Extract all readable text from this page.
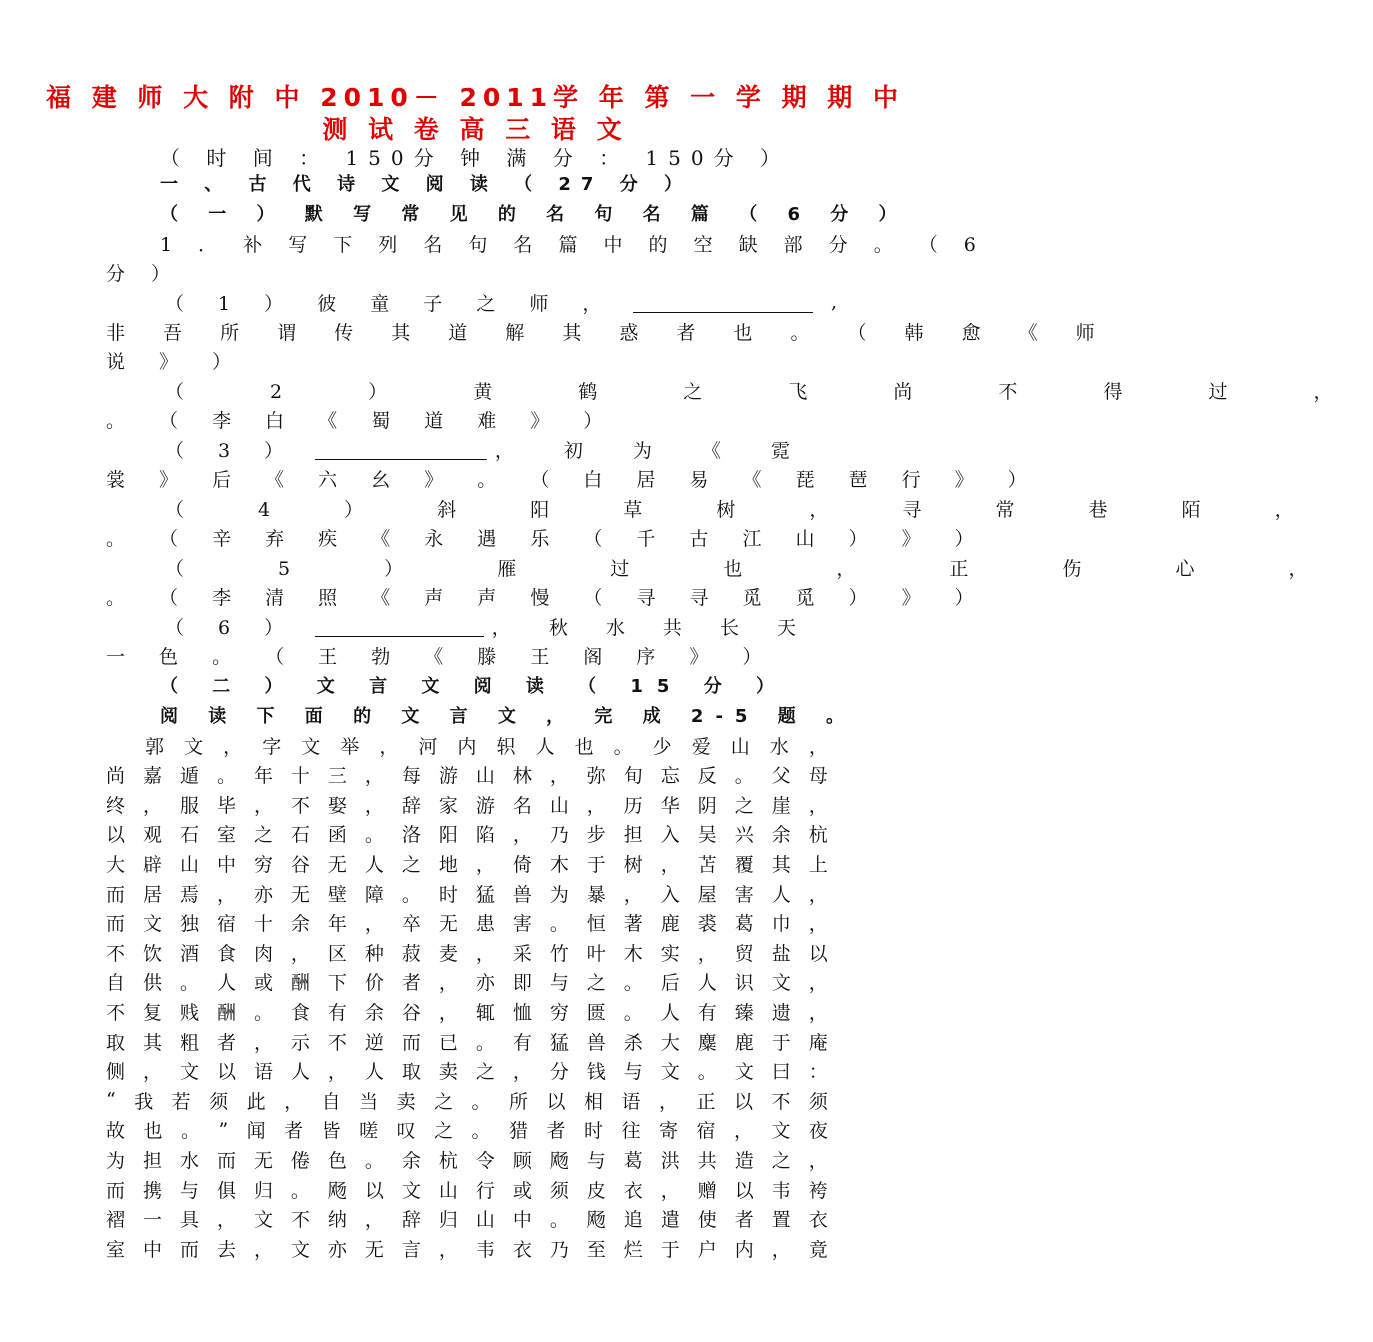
福 建 师 大 附 中 2010－ 2011学 年 第 一 学 期 期 中
测 试 卷 高 三 语 文
（ 时 间 ： 150分 钟 满 分 ： 150分 ）
一 、 古 代 诗 文 阅 读 （ 27 分 ）
（ 一 ） 默 写 常 见 的 名 句 名 篇 （ 6 分 ）
1 ． 补 写 下 列 名 句 名 篇 中 的 空 缺 部 分 。 （ 6
分 ）
（ 1 ） 彼 童 子 之 师 ，	,
非 吾 所 谓 传 其 道 解 其 惑 者 也 。 （ 韩 愈 《 师
说 》 ）
（ 2 ） 黄 鹤 之 飞 尚 不 得 过 ，
。 （ 李 白 《 蜀 道 难 》 ）
（ 3 ）	， 初 为 《 霓
裳 》 后 《 六 幺 》 。 （ 白 居 易 《 琵 琶 行 》 ）
（ 4 ） 斜 阳 草 树 ， 寻 常 巷 陌 ，
。 （ 辛 弃 疾 《 永 遇 乐 （ 千 古 江 山 ） 》 ）
（ 5 ） 雁 过 也 ， 正 伤 心 ，
。 （ 李 清 照 《 声 声 慢 （ 寻 寻 觅 觅 ） 》 ）
（ 6 ）	， 秋 水 共 长 天
一 色 。 （ 王 勃 《 滕 王 阁 序 》 ）
（ 二 ） 文 言 文 阅 读 （ 15 分 ）
阅 读 下 面 的 文 言 文 ， 完 成 2-5 题 。

郭 文 ， 字 文 举 ， 河 内 轵 人 也 。 少 爱 山 水 ，
尚 嘉 遁 。 年 十 三 ， 每 游 山 林 ， 弥 旬 忘 反 。 父 母
终 ， 服 毕 ， 不 娶 ， 辞 家 游 名 山 ， 历 华 阴 之 崖 ，
以 观 石 室 之 石 函 。 洛 阳 陷 ， 乃 步 担 入 吴 兴 余 杭
大 辟 山 中 穷 谷 无 人 之 地 ， 倚 木 于 树 ， 苫 覆 其 上
而 居 焉 ， 亦 无 壁 障 。 时 猛 兽 为 暴 ， 入 屋 害 人 ，
而 文 独 宿 十 余 年 ， 卒 无 患 害 。 恒 著 鹿 裘 葛 巾 ，
不 饮 酒 食 肉 ， 区 种 菽 麦 ， 采 竹 叶 木 实 ， 贸 盐 以
自 供 。 人 或 酬 下 价 者 ， 亦 即 与 之 。 后 人 识 文 ，
不 复 贱 酬 。 食 有 余 谷 ， 辄 恤 穷 匮 。 人 有 臻 遗 ，
取 其 粗 者 ， 示 不 逆 而 已 。 有 猛 兽 杀 大 麋 鹿 于 庵
侧 ， 文 以 语 人 ， 人 取 卖 之 ， 分 钱 与 文 。 文 曰 ：
“ 我 若 须 此 ， 自 当 卖 之 。 所 以 相 语 ， 正 以 不 须
故 也 。 ” 闻 者 皆 嗟 叹 之 。 猎 者 时 往 寄 宿 ， 文 夜
为 担 水 而 无 倦 色 。 余 杭 令 顾 飏 与 葛 洪 共 造 之 ，
而 携 与 俱 归 。 飏 以 文 山 行 或 须 皮 衣 ， 赠 以 韦 袴
褶 一 具 ， 文 不 纳 ， 辞 归 山 中 。 飏 追 遣 使 者 置 衣
室 中 而 去 ， 文 亦 无 言 ， 韦 衣 乃 至 烂 于 户 内 ， 竟
